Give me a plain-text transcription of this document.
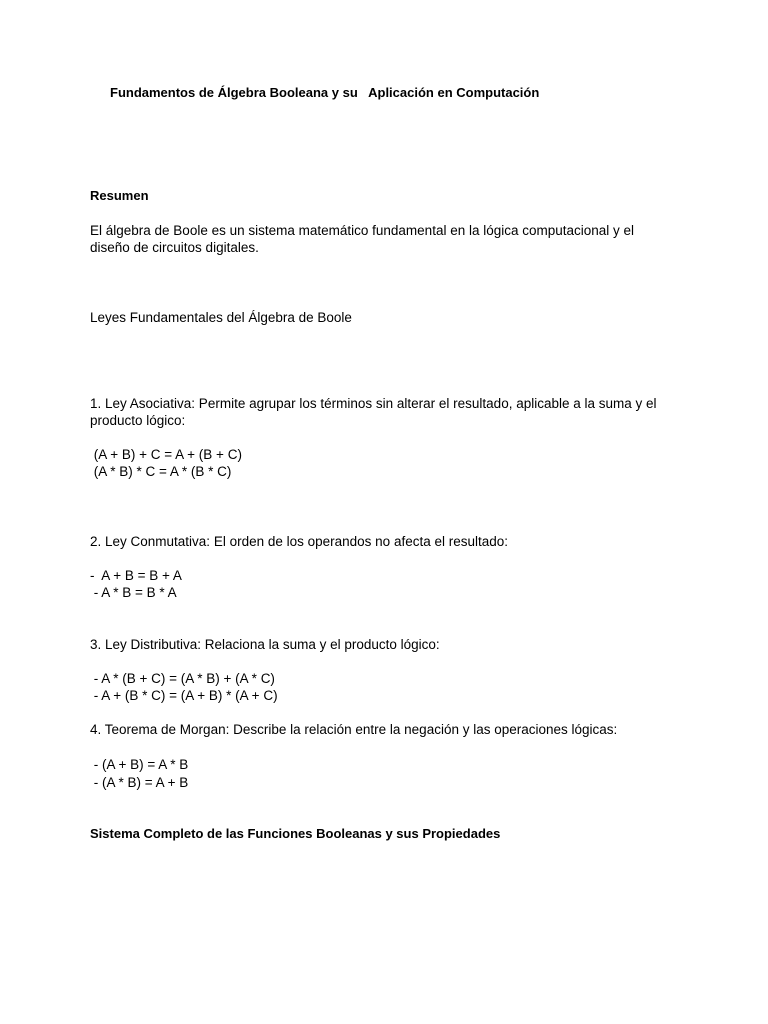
Fundamentos de Álgebra Booleana y su   Aplicación en Computación
Resumen
El álgebra de Boole es un sistema matemático fundamental en la lógica computacional y el
diseño de circuitos digitales.
Leyes Fundamentales del Álgebra de Boole
1. Ley Asociativa: Permite agrupar los términos sin alterar el resultado, aplicable a la suma y el
producto lógico:
(A + B) + C = A + (B + C)
(A * B) * C = A * (B * C)
2. Ley Conmutativa: El orden de los operandos no afecta el resultado:
-  A + B = B + A
- A * B = B * A
3. Ley Distributiva: Relaciona la suma y el producto lógico:
- A * (B + C) = (A * B) + (A * C)
- A + (B * C) = (A + B) * (A + C)
4. Teorema de Morgan: Describe la relación entre la negación y las operaciones lógicas:
- (A + B) = A * B
- (A * B) = A + B
Sistema Completo de las Funciones Booleanas y sus Propiedades
